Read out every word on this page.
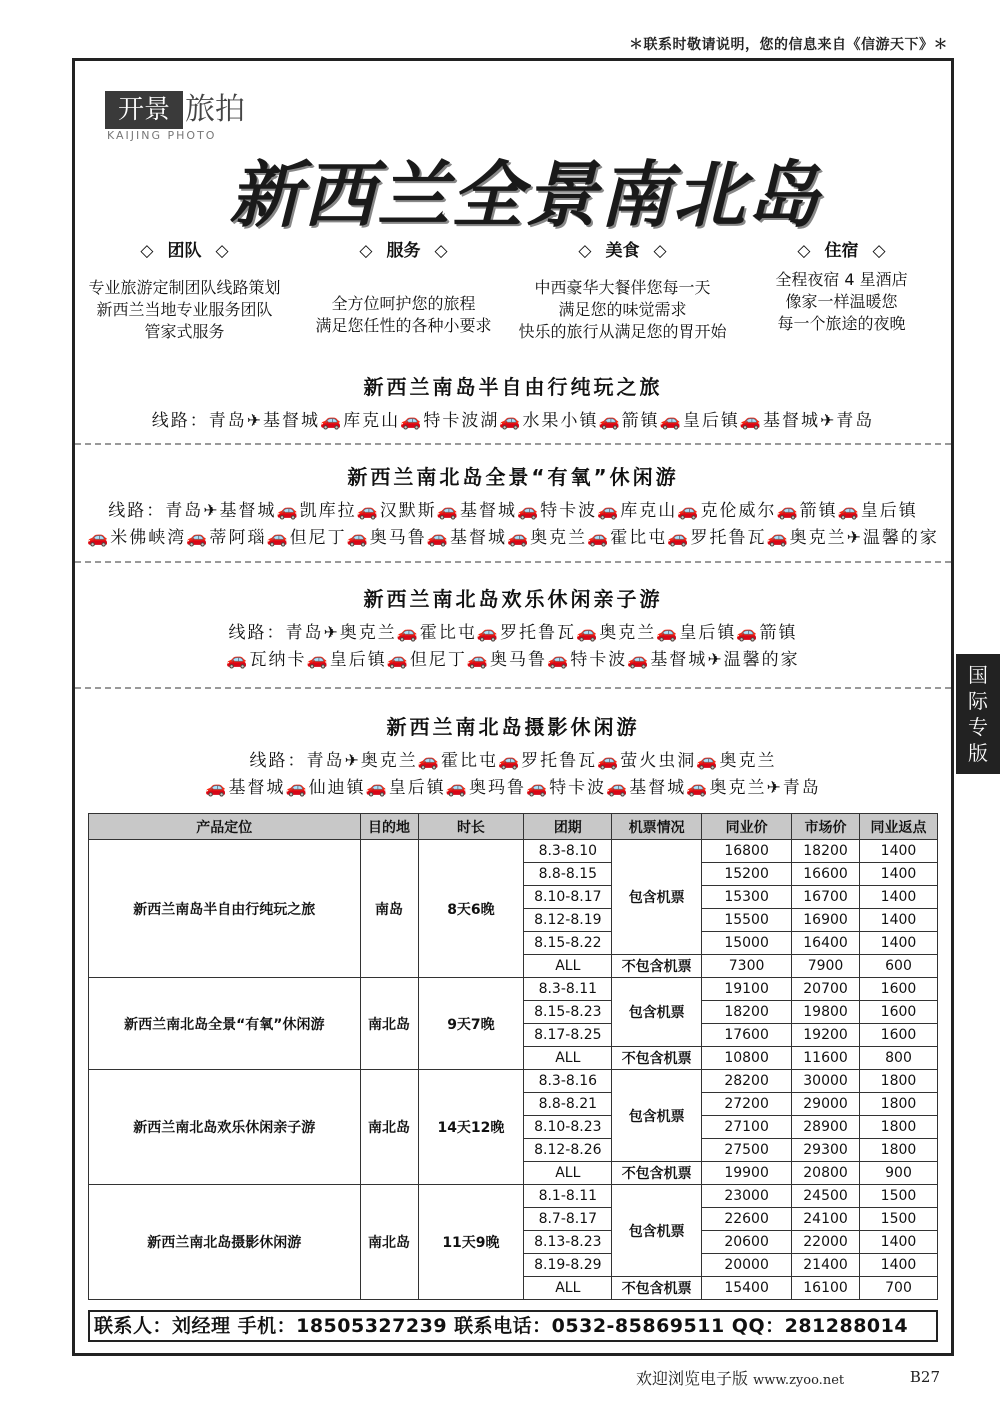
＊联系时敬请说明，您的信息来自《信游天下》＊
开景 旅拍
KAIJING PHOTO
新西兰全景南北岛
◇ 团队 ◇
专业旅游定制团队线路策划
新西兰当地专业服务团队
管家式服务
◇ 服务 ◇
全方位呵护您的旅程
满足您任性的各种小要求
◇ 美食 ◇
中西豪华大餐伴您每一天
满足您的味觉需求
快乐的旅行从满足您的胃开始
◇ 住宿 ◇
全程夜宿 4 星酒店
像家一样温暖您
每一个旅途的夜晚
新西兰南岛半自由行纯玩之旅
线路：青岛✈基督城🚗库克山🚗特卡波湖🚗水果小镇🚗箭镇🚗皇后镇🚗基督城✈青岛
新西兰南北岛全景“有氧”休闲游
线路：青岛✈基督城🚗凯库拉🚗汉默斯🚗基督城🚗特卡波🚗库克山🚗克伦威尔🚗箭镇🚗皇后镇
🚗米佛峡湾🚗蒂阿瑙🚗但尼丁🚗奥马鲁🚗基督城🚗奥克兰🚗霍比屯🚗罗托鲁瓦🚗奥克兰✈温馨的家
新西兰南北岛欢乐休闲亲子游
线路：青岛✈奥克兰🚗霍比屯🚗罗托鲁瓦🚗奥克兰🚗皇后镇🚗箭镇
🚗瓦纳卡🚗皇后镇🚗但尼丁🚗奥马鲁🚗特卡波🚗基督城✈温馨的家
新西兰南北岛摄影休闲游
线路：青岛✈奥克兰🚗霍比屯🚗罗托鲁瓦🚗萤火虫洞🚗奥克兰
🚗基督城🚗仙迪镇🚗皇后镇🚗奥玛鲁🚗特卡波🚗基督城🚗奥克兰✈青岛
产品定位	目的地	时长	团期	机票情况	同业价	市场价	同业返点
新西兰南岛半自由行纯玩之旅	南岛	8天6晚	8.3-8.10	包含机票	16800	18200	1400
			8.8-8.15		15200	16600	1400
			8.10-8.17		15300	16700	1400
			8.12-8.19		15500	16900	1400
			8.15-8.22		15000	16400	1400
			ALL	不包含机票	7300	7900	600
新西兰南北岛全景“有氧”休闲游	南北岛	9天7晚	8.3-8.11	包含机票	19100	20700	1600
			8.15-8.23		18200	19800	1600
			8.17-8.25		17600	19200	1600
			ALL	不包含机票	10800	11600	800
新西兰南北岛欢乐休闲亲子游	南北岛	14天12晚	8.3-8.16	包含机票	28200	30000	1800
			8.8-8.21		27200	29000	1800
			8.10-8.23		27100	28900	1800
			8.12-8.26		27500	29300	1800
			ALL	不包含机票	19900	20800	900
新西兰南北岛摄影休闲游	南北岛	11天9晚	8.1-8.11	包含机票	23000	24500	1500
			8.7-8.17		22600	24100	1500
			8.13-8.23		20600	22000	1400
			8.19-8.29		20000	21400	1400
			ALL	不包含机票	15400	16100	700
联系人：刘经理 手机：18505327239 联系电话：0532-85869511 QQ：281288014
国
际
专
版
欢迎浏览电子版 www.zyoo.net	B27
